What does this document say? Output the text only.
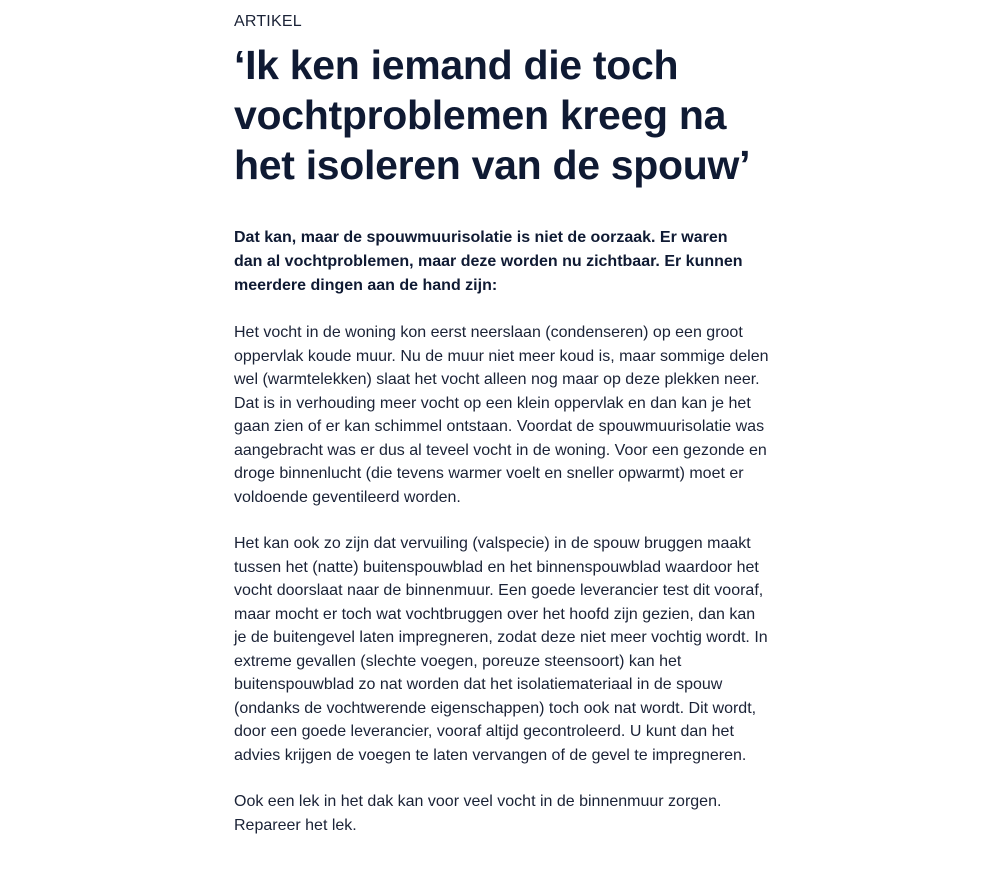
ARTIKEL

‘Ik ken iemand die toch vochtproblemen kreeg na het isoleren van de spouw’

Dat kan, maar de spouwmuurisolatie is niet de oorzaak. Er waren dan al vochtproblemen, maar deze worden nu zichtbaar. Er kunnen meerdere dingen aan de hand zijn:

Het vocht in de woning kon eerst neerslaan (condenseren) op een groot oppervlak koude muur. Nu de muur niet meer koud is, maar sommige delen wel (warmtelekken) slaat het vocht alleen nog maar op deze plekken neer. Dat is in verhouding meer vocht op een klein oppervlak en dan kan je het gaan zien of er kan schimmel ontstaan. Voordat de spouwmuurisolatie was aangebracht was er dus al teveel vocht in de woning. Voor een gezonde en droge binnenlucht (die tevens warmer voelt en sneller opwarmt) moet er voldoende geventileerd worden.

Het kan ook zo zijn dat vervuiling (valspecie) in de spouw bruggen maakt tussen het (natte) buitenspouwblad en het binnenspouwblad waardoor het vocht doorslaat naar de binnenmuur. Een goede leverancier test dit vooraf, maar mocht er toch wat vochtbruggen over het hoofd zijn gezien, dan kan je de buitengevel laten impregneren, zodat deze niet meer vochtig wordt. In extreme gevallen (slechte voegen, poreuze steensoort) kan het buitenspouwblad zo nat worden dat het isolatiemateriaal in de spouw (ondanks de vochtwerende eigenschappen) toch ook nat wordt. Dit wordt, door een goede leverancier, vooraf altijd gecontroleerd. U kunt dan het advies krijgen de voegen te laten vervangen of de gevel te impregneren.

Ook een lek in het dak kan voor veel vocht in de binnenmuur zorgen. Repareer het lek.
